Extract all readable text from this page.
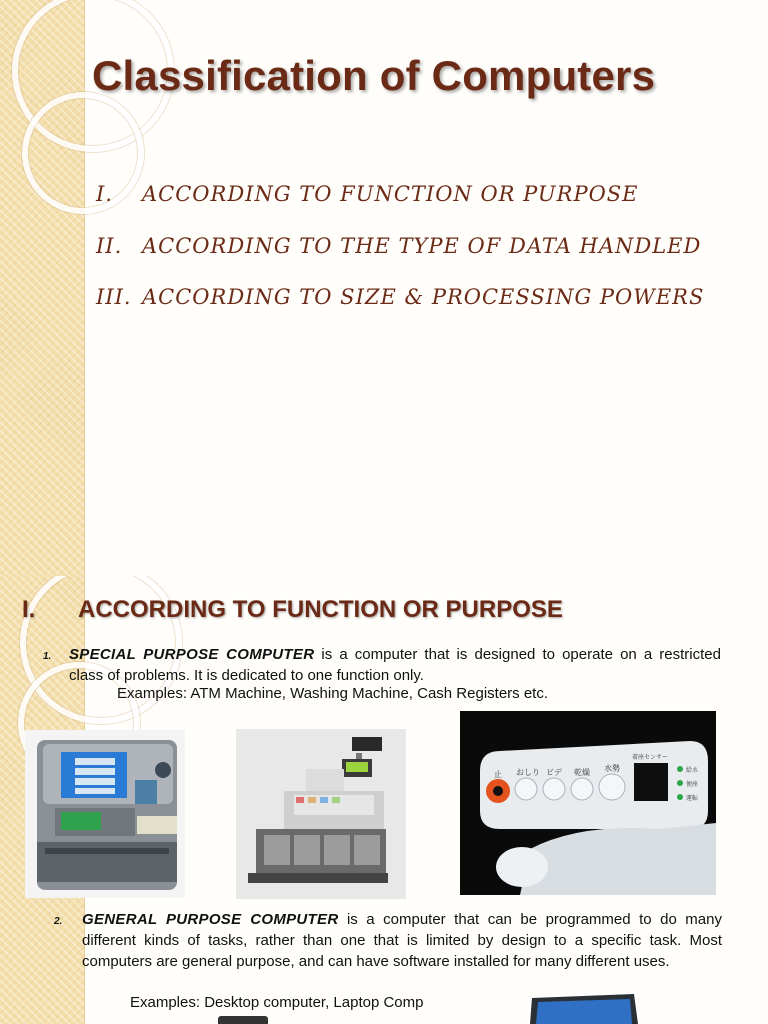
Classification of Computers
I. ACCORDING TO FUNCTION OR PURPOSE
II. ACCORDING TO THE TYPE OF DATA HANDLED
III. ACCORDING TO SIZE & PROCESSING POWERS
I. ACCORDING TO FUNCTION OR PURPOSE
1. SPECIAL PURPOSE COMPUTER is a computer that is designed to operate on a restricted class of problems. It is dedicated to one function only.
Examples: ATM Machine, Washing Machine, Cash Registers etc.
止 おしり ビデ 乾燥 水勢
着座センサー
給水
便座
運転
2. GENERAL PURPOSE COMPUTER is a computer that can be programmed to do many different kinds of tasks, rather than one that is limited by design to a specific task. Most computers are general purpose, and can have software installed for many different uses.
Examples: Desktop computer, Laptop Comp
